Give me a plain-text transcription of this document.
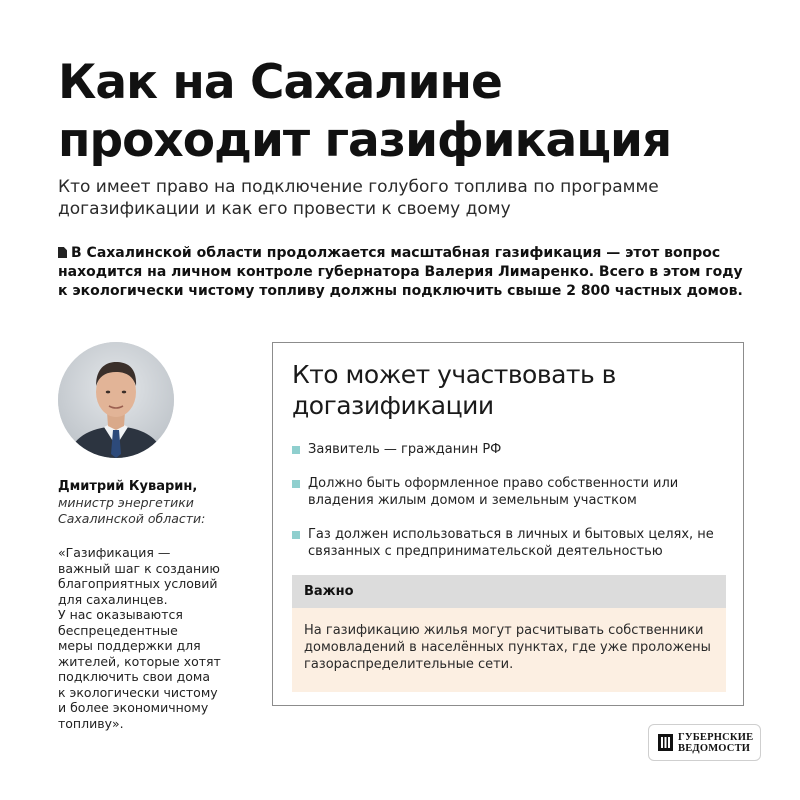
Как на Сахалине
проходит газификация

Кто имеет право на подключение голубого топлива по программе догазификации и как его провести к своему дому

В Сахалинской области продолжается масштабная газификация — этот вопрос находится на личном контроле губернатора Валерия Лимаренко. Всего в этом году к экологически чистому топливу должны подключить свыше 2 800 частных домов.

Дмитрий Куварин,
министр энергетики Сахалинской области:
«Газификация —
важный шаг к созданию
благоприятных условий
для сахалинцев.
У нас оказываются
беспрецедентные
меры поддержки для
жителей, которые хотят
подключить свои дома
к экологически чистому
и более экономичному
топливу».
Кто может участвовать в догазификации
Заявитель — гражданин РФ
Должно быть оформленное право собственности или владения жилым домом и земельным участком
Газ должен использоваться в личных и бытовых целях, не связанных с предпринимательской деятельностью
Важно
На газификацию жилья могут расчитывать собственники домовладений в населённых пунктах, где уже проложены газораспределительные сети.
ГУБЕРНСКИЕ
ВЕДОМОСТИ
